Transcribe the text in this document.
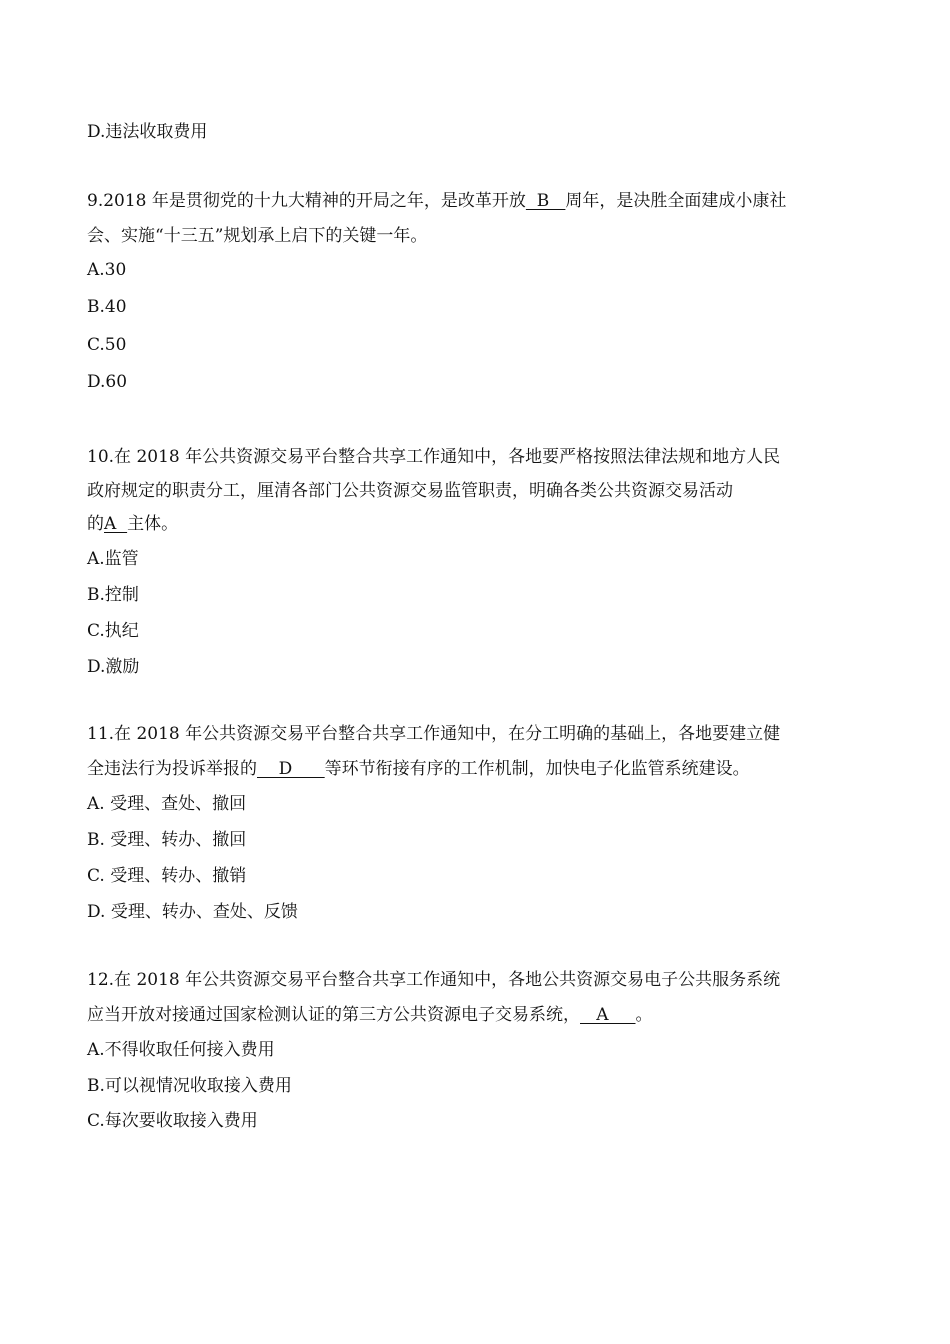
D.违法收取费用
9.2018 年是贯彻党的十九大精神的开局之年，是改革开放  B   周年，是决胜全面建成小康社
会、实施“十三五”规划承上启下的关键一年。
A.30
B.40
C.50
D.60
10.在 2018 年公共资源交易平台整合共享工作通知中，各地要严格按照法律法规和地方人民
政府规定的职责分工，厘清各部门公共资源交易监管职责，明确各类公共资源交易活动
的A  主体。
A.监管
B.控制
C.执纪
D.激励
11.在 2018 年公共资源交易平台整合共享工作通知中，在分工明确的基础上，各地要建立健
全违法行为投诉举报的    D      等环节衔接有序的工作机制，加快电子化监管系统建设。
A. 受理、查处、撤回
B. 受理、转办、撤回
C. 受理、转办、撤销
D. 受理、转办、查处、反馈
12.在 2018 年公共资源交易平台整合共享工作通知中，各地公共资源交易电子公共服务系统
应当开放对接通过国家检测认证的第三方公共资源电子交易系统，   A     。
A.不得收取任何接入费用
B.可以视情况收取接入费用
C.每次要收取接入费用
